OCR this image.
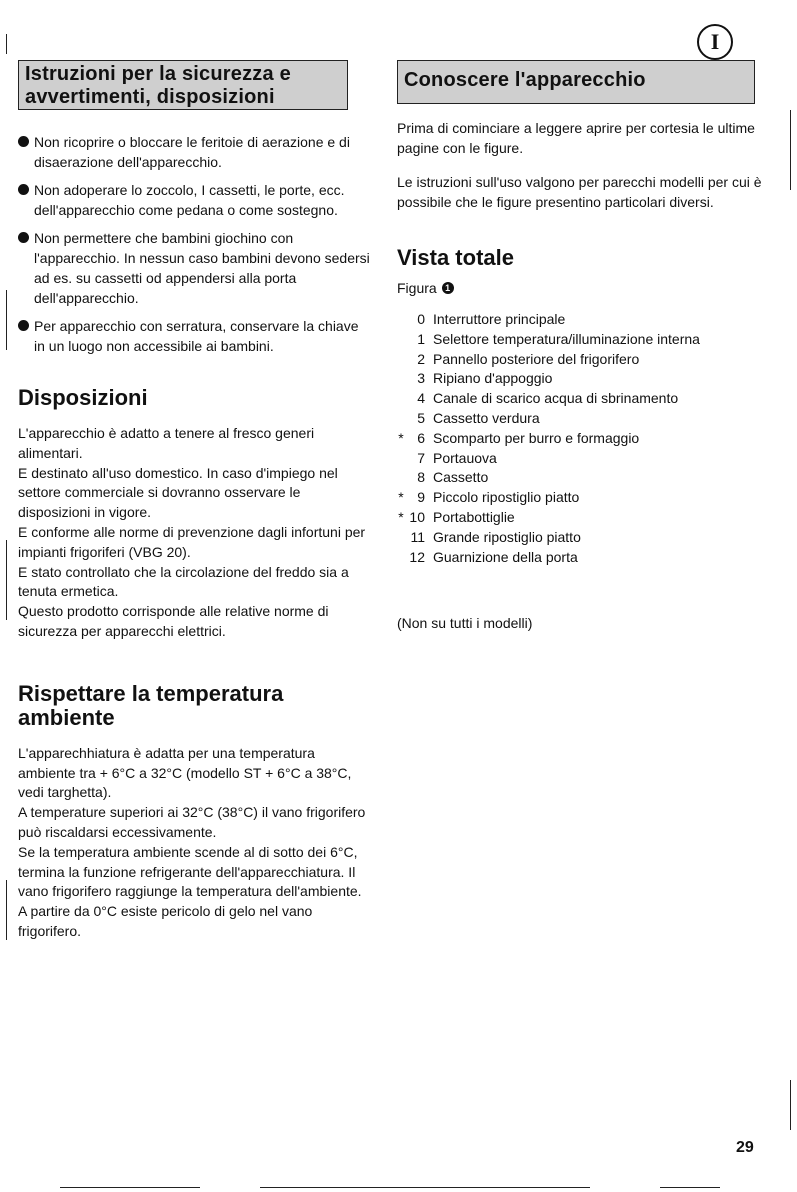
I
Istruzioni per la sicurezza e avvertimenti, disposizioni
Non ricoprire o bloccare le feritoie di aerazione e di disaerazione dell'apparecchio.
Non adoperare lo zoccolo, I cassetti, le porte, ecc. dell'apparecchio come pedana o come sostegno.
Non permettere che bambini giochino con l'apparecchio. In nessun caso bambini devono sedersi ad es. su cassetti od appendersi alla porta dell'apparecchio.
Per apparecchio con serratura, conservare la chiave in un luogo non accessibile ai bambini.
Disposizioni

L'apparecchio è adatto a tenere al fresco generi alimentari.
E destinato all'uso domestico. In caso d'impiego nel settore commerciale si dovranno osservare le disposizioni in vigore.
E conforme alle norme di prevenzione dagli infortuni per impianti frigoriferi (VBG 20).
E stato controllato che la circolazione del freddo sia a tenuta ermetica.
Questo prodotto corrisponde alle relative norme di sicurezza per apparecchi elettrici.

Rispettare la temperatura ambiente

L'apparechhiatura è adatta per una temperatura ambiente tra + 6°C a 32°C (modello ST + 6°C a 38°C, vedi targhetta).
A temperature superiori ai 32°C (38°C) il vano frigorifero può riscaldarsi eccessivamente.
Se la temperatura ambiente scende al di sotto dei 6°C, termina la funzione refrigerante dell'apparecchiatura. Il vano frigorifero raggiunge la temperatura dell'ambiente.
A partire da 0°C esiste pericolo di gelo nel vano frigorifero.

Conoscere l'apparecchio

Prima di cominciare a leggere aprire per cortesia le ultime pagine con le figure.

Le istruzioni sull'uso valgono per parecchi modelli per cui è possibile che le figure presentino particolari diversi.

Vista totale
Figura 1
0 Interruttore principale
1 Selettore temperatura/illuminazione interna
2 Pannello posteriore del frigorifero
3 Ripiano d'appoggio
4 Canale di scarico acqua di sbrinamento
5 Cassetto verdura
* 6 Scomparto per burro e formaggio
7 Portauova
8 Cassetto
* 9 Piccolo ripostiglio piatto
* 10 Portabottiglie
11 Grande ripostiglio piatto
12 Guarnizione della porta
(Non su tutti i modelli)
29
